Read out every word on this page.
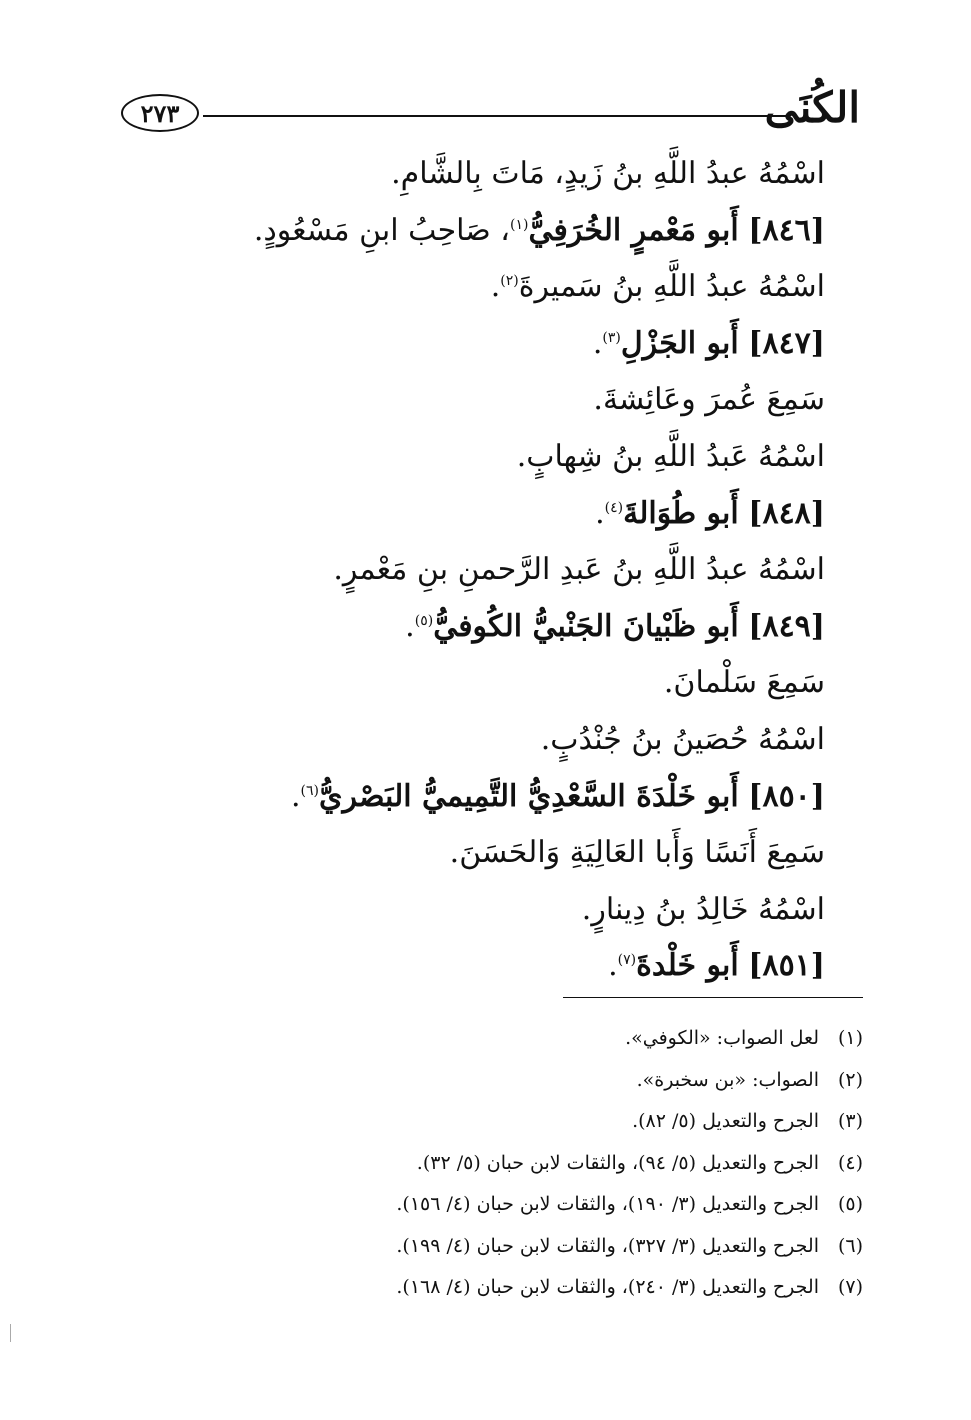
٢٧٣	الكُنَى
اسْمُهُ عبدُ اللَّهِ بنُ زَيدٍ، مَاتَ بِالشَّامِ.
[٨٤٦] أَبو مَعْمرٍ الخُرَفِيُّ$^{(١)}$، صَاحِبُ ابنِ مَسْعُودٍ.
اسْمُهُ عبدُ اللَّهِ بنُ سَميرةَ$^{(٢)}$.
[٨٤٧] أَبو الجَزْلِ$^{(٣)}$.
سَمِعَ عُمرَ وعَائِشةَ.
اسْمُهُ عَبدُ اللَّهِ بنُ شِهابٍ.
[٨٤٨] أَبو طُوَالةَ$^{(٤)}$.
اسْمُهُ عبدُ اللَّهِ بنُ عَبدِ الرَّحمنِ بنِ مَعْمرٍ.
[٨٤٩] أَبو ظَبْيانَ الجَنْبيُّ الكُوفيُّ$^{(٥)}$.
سَمِعَ سَلْمانَ.
اسْمُهُ حُصَينُ بنُ جُنْدُبٍ.
[٨٥٠] أَبو خَلْدَةَ السَّعْدِيُّ التَّمِيميُّ البَصْريُّ$^{(٦)}$.
سَمِعَ أَنَسًا وَأَبا العَالِيَةِ وَالحَسَنَ.
اسْمُهُ خَالِدُ بنُ دِينارٍ.
[٨٥١] أَبو خَلْدةَ$^{(٧)}$.
(١)لعل الصواب: «الكوفي».
(٢)الصواب: «بن سخبرة».
(٣)الجرح والتعديل (٥/ ٨٢).
(٤)الجرح والتعديل (٥/ ٩٤)، والثقات لابن حبان (٥/ ٣٢).
(٥)الجرح والتعديل (٣/ ١٩٠)، والثقات لابن حبان (٤/ ١٥٦).
(٦)الجرح والتعديل (٣/ ٣٢٧)، والثقات لابن حبان (٤/ ١٩٩).
(٧)الجرح والتعديل (٣/ ٢٤٠)، والثقات لابن حبان (٤/ ١٦٨).
